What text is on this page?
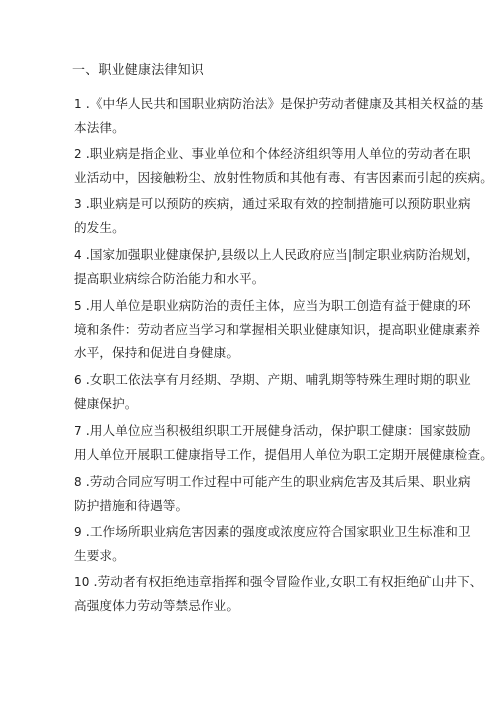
一、职业健康法律知识
1 .《中华人民共和国职业病防治法》是保护劳动者健康及其相关权益的基
本法律。
2 .职业病是指企业、事业单位和个体经济组织等用人单位的劳动者在职
业活动中，因接触粉尘、放射性物质和其他有毒、有害因素而引起的疾病。
3 .职业病是可以预防的疾病，通过采取有效的控制措施可以预防职业病
的发生。
4 .国家加强职业健康保护,县级以上人民政府应当|制定职业病防治规划，
提高职业病综合防治能力和水平。
5 .用人单位是职业病防治的责任主体，应当为职工创造有益于健康的环
境和条件：劳动者应当学习和掌握相关职业健康知识，提高职业健康素养
水平，保持和促进自身健康。
6 .女职工依法享有月经期、孕期、产期、哺乳期等特殊生理时期的职业
健康保护。
7 .用人单位应当积极组织职工开展健身活动，保护职工健康：国家鼓励
用人单位开展职工健康指导工作，提倡用人单位为职工定期开展健康检查。
8 .劳动合同应写明工作过程中可能产生的职业病危害及其后果、职业病
防护措施和待遇等。
9 .工作场所职业病危害因素的强度或浓度应符合国家职业卫生标准和卫
生要求。
10 .劳动者有权拒绝违章指挥和强令冒险作业,女职工有权拒绝矿山井下、
高强度体力劳动等禁忌作业。
